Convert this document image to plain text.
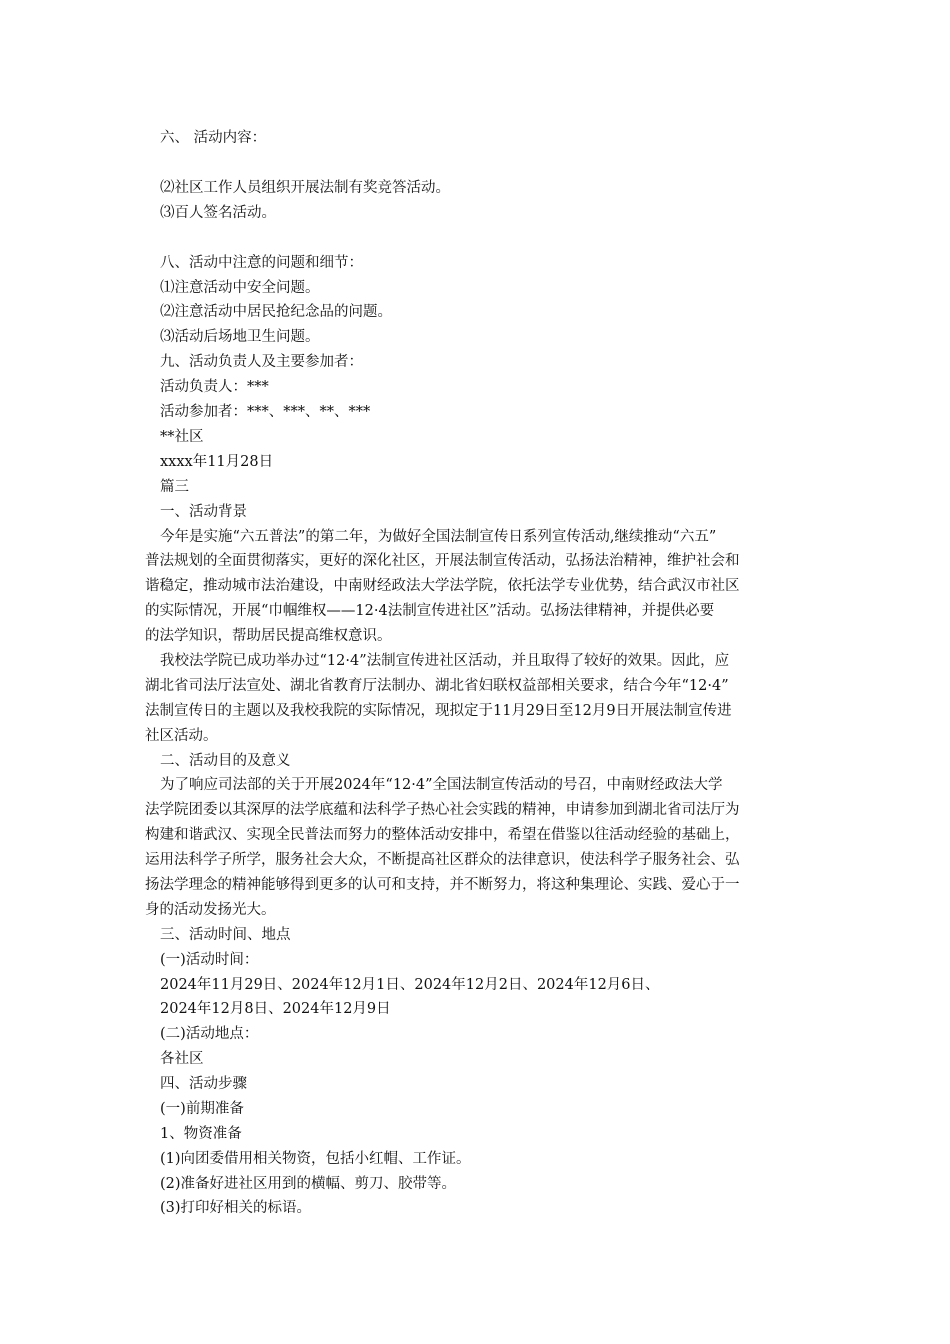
六、 活动内容：
⑵社区工作人员组织开展法制有奖竞答活动。
⑶百人签名活动。
八、活动中注意的问题和细节：
⑴注意活动中安全问题。
⑵注意活动中居民抢纪念品的问题。
⑶活动后场地卫生问题。
九、活动负责人及主要参加者：
活动负责人：***
活动参加者：***、***、**、***
**社区
xxxx年11月28日
篇三
一、活动背景
今年是实施“六五普法”的第二年，为做好全国法制宣传日系列宣传活动,继续推动“六五”
普法规划的全面贯彻落实，更好的深化社区，开展法制宣传活动，弘扬法治精神，维护社会和
谐稳定，推动城市法治建设，中南财经政法大学法学院，依托法学专业优势，结合武汉市社区
的实际情况，开展“巾帼维权——12·4法制宣传进社区”活动。弘扬法律精神，并提供必要
的法学知识，帮助居民提高维权意识。
我校法学院已成功举办过“12·4”法制宣传进社区活动，并且取得了较好的效果。因此，应
湖北省司法厅法宣处、湖北省教育厅法制办、湖北省妇联权益部相关要求，结合今年“12·4”
法制宣传日的主题以及我校我院的实际情况，现拟定于11月29日至12月9日开展法制宣传进
社区活动。
二、活动目的及意义
为了响应司法部的关于开展2024年“12·4”全国法制宣传活动的号召，中南财经政法大学
法学院团委以其深厚的法学底蕴和法科学子热心社会实践的精神，申请参加到湖北省司法厅为
构建和谐武汉、实现全民普法而努力的整体活动安排中，希望在借鉴以往活动经验的基础上，
运用法科学子所学，服务社会大众，不断提高社区群众的法律意识，使法科学子服务社会、弘
扬法学理念的精神能够得到更多的认可和支持，并不断努力，将这种集理论、实践、爱心于一
身的活动发扬光大。
三、活动时间、地点
(一)活动时间：
2024年11月29日、2024年12月1日、2024年12月2日、2024年12月6日、
2024年12月8日、2024年12月9日
(二)活动地点：
各社区
四、活动步骤
(一)前期准备
1、物资准备
(1)向团委借用相关物资，包括小红帽、工作证。
(2)准备好进社区用到的横幅、剪刀、胶带等。
(3)打印好相关的标语。
